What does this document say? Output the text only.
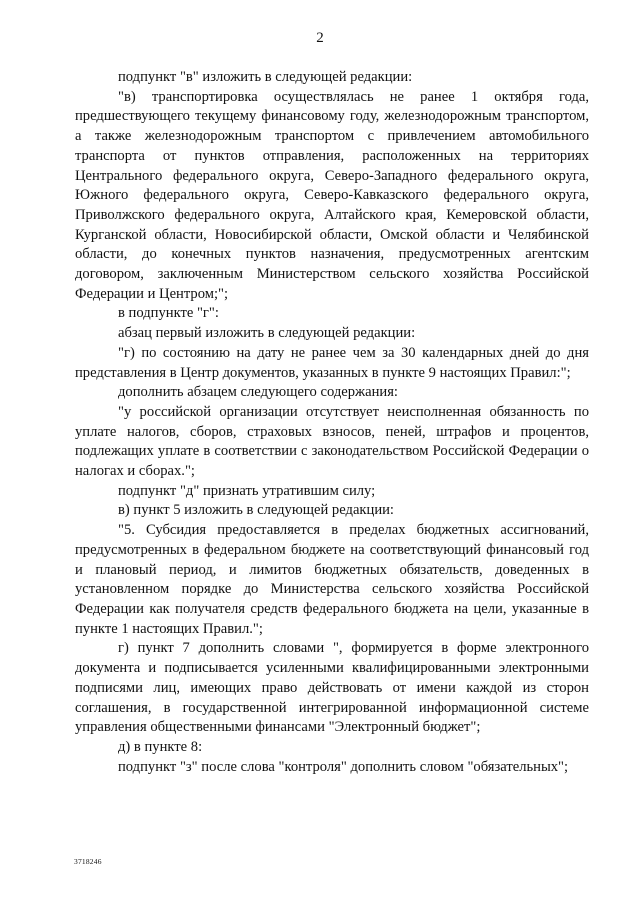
2

подпункт "в" изложить в следующей редакции:

"в) транспортировка осуществлялась не ранее 1 октября года, предшествующего текущему финансовому году, железнодорожным транспортом, а также железнодорожным транспортом с привлечением автомобильного транспорта от пунктов отправления, расположенных на территориях Центрального федерального округа, Северо-Западного федерального округа, Южного федерального округа, Северо-Кавказского федерального округа, Приволжского федерального округа, Алтайского края, Кемеровской области, Курганской области, Новосибирской области, Омской области и Челябинской области, до конечных пунктов назначения, предусмотренных агентским договором, заключенным Министерством сельского хозяйства Российской Федерации и Центром;";

в подпункте "г":

абзац первый изложить в следующей редакции:

"г) по состоянию на дату не ранее чем за 30 календарных дней до дня представления в Центр документов, указанных в пункте 9 настоящих Правил:";

дополнить абзацем следующего содержания:

"у российской организации отсутствует неисполненная обязанность по уплате налогов, сборов, страховых взносов, пеней, штрафов и процентов, подлежащих уплате в соответствии с законодательством Российской Федерации о налогах и сборах.";

подпункт "д" признать утратившим силу;

в) пункт 5 изложить в следующей редакции:

"5. Субсидия предоставляется в пределах бюджетных ассигнований, предусмотренных в федеральном бюджете на соответствующий финансовый год и плановый период, и лимитов бюджетных обязательств, доведенных в установленном порядке до Министерства сельского хозяйства Российской Федерации как получателя средств федерального бюджета на цели, указанные в пункте 1 настоящих Правил.";

г) пункт 7 дополнить словами ", формируется в форме электронного документа и подписывается усиленными квалифицированными электронными подписями лиц, имеющих право действовать от имени каждой из сторон соглашения, в государственной интегрированной информационной системе управления общественными финансами "Электронный бюджет";

д) в пункте 8:

подпункт "з" после слова "контроля" дополнить словом "обязательных";

3718246
